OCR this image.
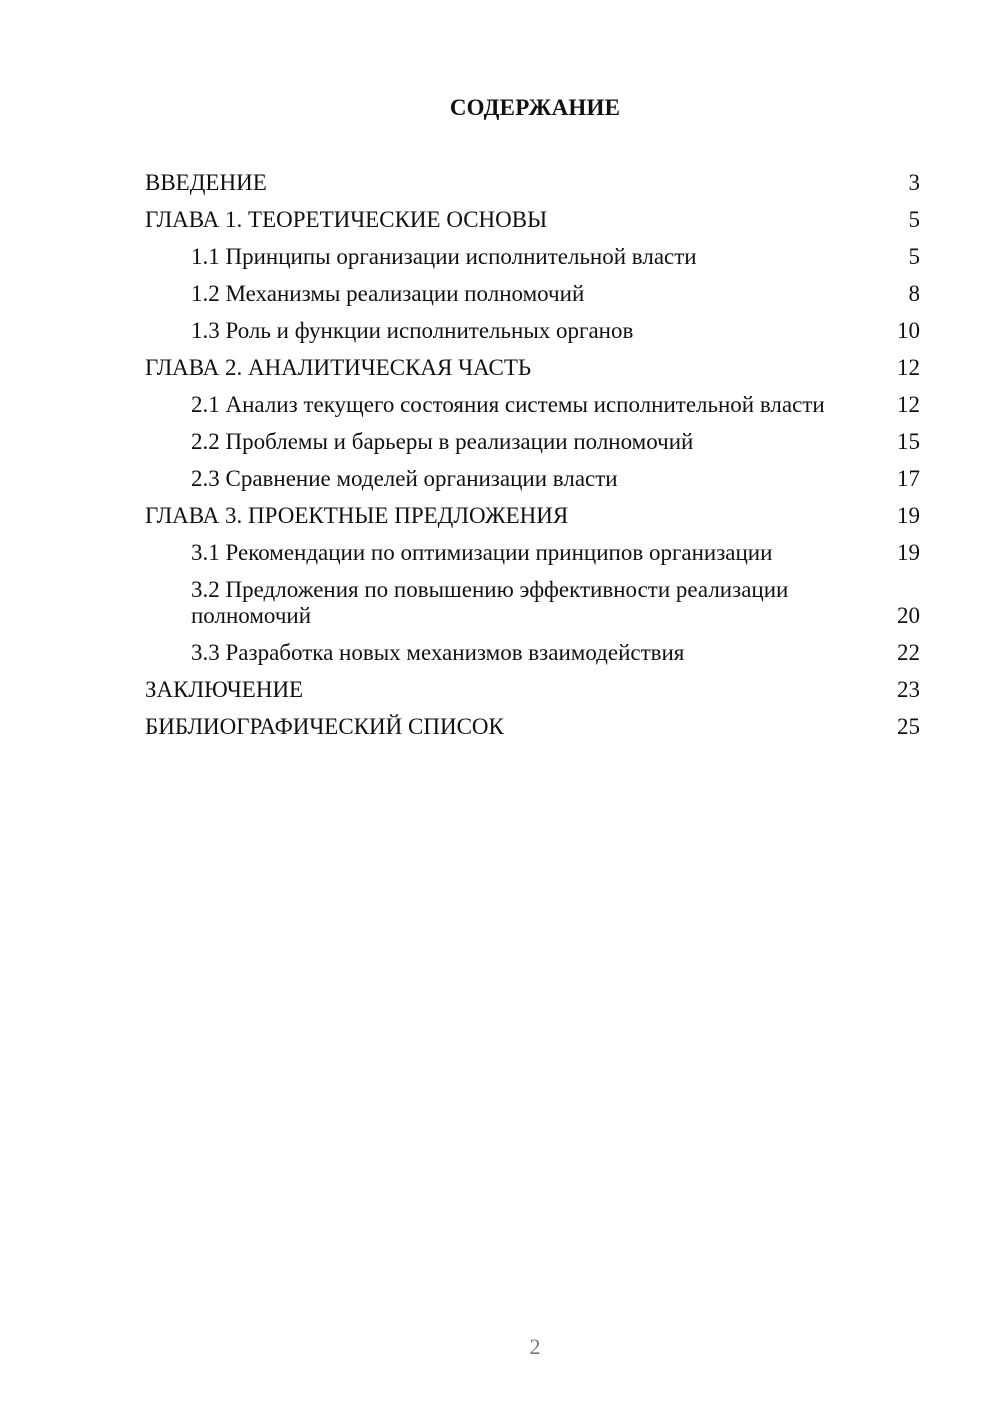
СОДЕРЖАНИЕ
ВВЕДЕНИЕ	3
ГЛАВА 1. ТЕОРЕТИЧЕСКИЕ ОСНОВЫ	5
1.1 Принципы организации исполнительной власти	5
1.2 Механизмы реализации полномочий	8
1.3 Роль и функции исполнительных органов	10
ГЛАВА 2. АНАЛИТИЧЕСКАЯ ЧАСТЬ	12
2.1 Анализ текущего состояния системы исполнительной власти	12
2.2 Проблемы и барьеры в реализации полномочий	15
2.3 Сравнение моделей организации власти	17
ГЛАВА 3. ПРОЕКТНЫЕ ПРЕДЛОЖЕНИЯ	19
3.1 Рекомендации по оптимизации принципов организации	19
3.2 Предложения по повышению эффективности реализации полномочий	20
3.3 Разработка новых механизмов взаимодействия	22
ЗАКЛЮЧЕНИЕ	23
БИБЛИОГРАФИЧЕСКИЙ СПИСОК	25
2
